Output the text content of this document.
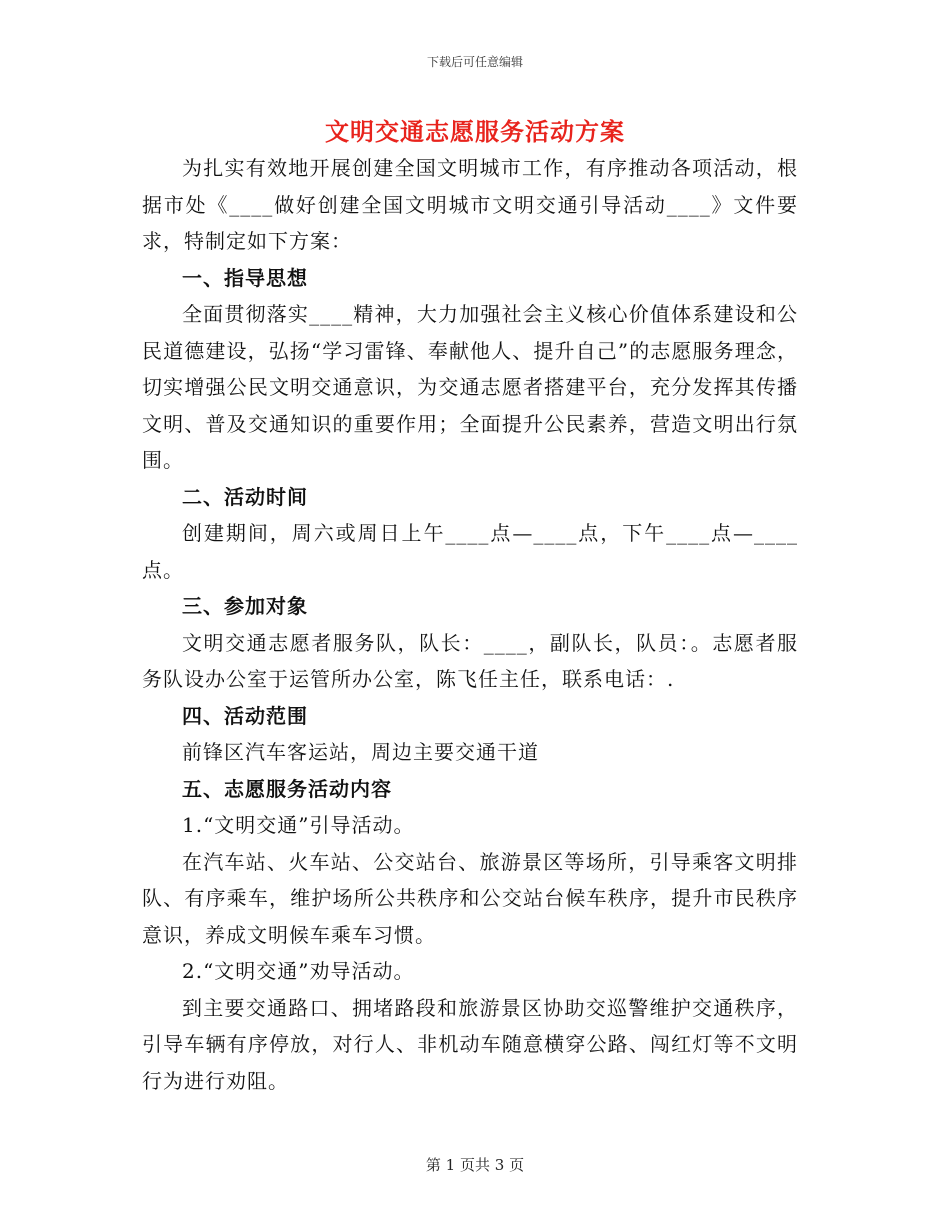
下载后可任意编辑
文明交通志愿服务活动方案

为扎实有效地开展创建全国文明城市工作，有序推动各项活动，根据市处《____做好创建全国文明城市文明交通引导活动____》文件要求，特制定如下方案：

一、指导思想

全面贯彻落实____精神，大力加强社会主义核心价值体系建设和公民道德建设，弘扬“学习雷锋、奉献他人、提升自己”的志愿服务理念，切实增强公民文明交通意识，为交通志愿者搭建平台，充分发挥其传播文明、普及交通知识的重要作用；全面提升公民素养，营造文明出行氛围。

二、活动时间

创建期间，周六或周日上午____点—____点，下午____点—____点。

三、参加对象

文明交通志愿者服务队，队长：____，副队长，队员：。志愿者服务队设办公室于运管所办公室，陈飞任主任，联系电话：.

四、活动范围

前锋区汽车客运站，周边主要交通干道

五、志愿服务活动内容

1.“文明交通”引导活动。

在汽车站、火车站、公交站台、旅游景区等场所，引导乘客文明排队、有序乘车，维护场所公共秩序和公交站台候车秩序，提升市民秩序意识，养成文明候车乘车习惯。

2.“文明交通”劝导活动。

到主要交通路口、拥堵路段和旅游景区协助交巡警维护交通秩序，引导车辆有序停放，对行人、非机动车随意横穿公路、闯红灯等不文明行为进行劝阻。

第 1 页共 3 页
